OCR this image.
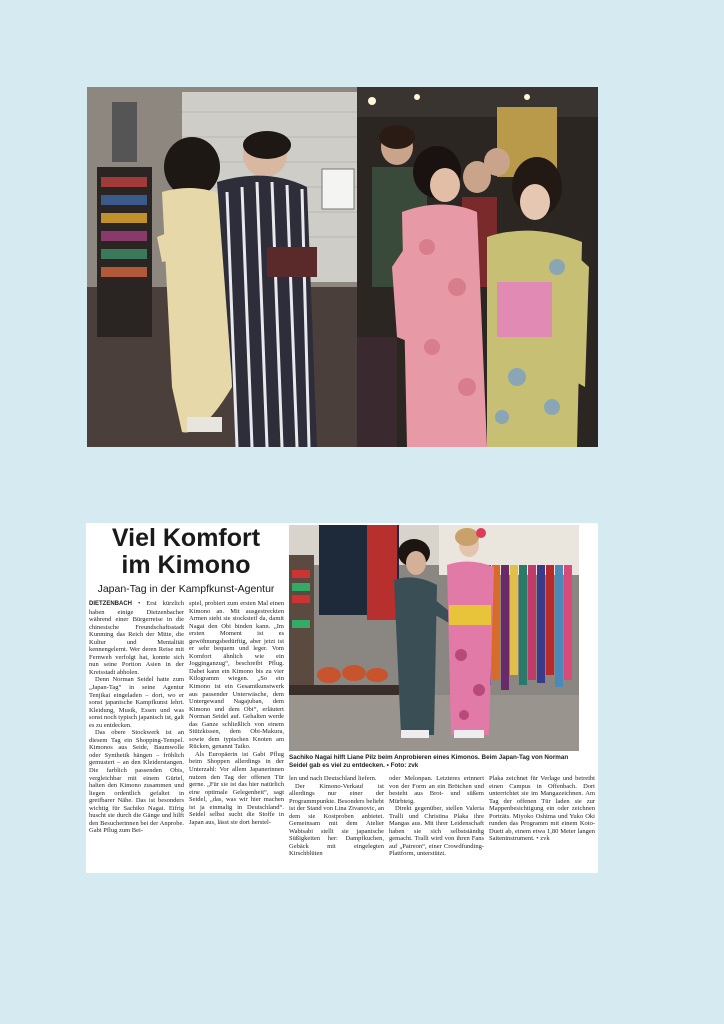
Viel Komfort
im Kimono
Japan-Tag in der Kampfkunst-Agentur

DIETZENBACH • Erst kürzlich haben einige Dietzenbacher während einer Bürgerreise in die chinesische Freundschaftsstadt Kunming das Reich der Mitte, die Kultur und Mentalität kennengelernt. Wer deren Reise mit Fernweh verfolgt hat, konnte sich nun seine Portion Asien in der Kreisstadt abholen.

Denn Norman Seidel hatte zum „Japan-Tag“ in seine Agentur Tenjikai eingeladen – dort, wo er sonst japanische Kampfkunst lehrt. Kleidung, Musik, Essen und was sonst noch typisch japanisch ist, galt es zu entdecken.

Das obere Stockwerk ist an diesem Tag ein Shopping-Tempel. Kimonos aus Seide, Baumwolle oder Synthetik hängen – fröhlich gemustert – an den Kleiderstangen. Die farblich passenden Obis, vergleichbar mit einem Gürtel, halten den Kimono zusammen und liegen ordentlich gefaltet in greifbarer Nähe. Das ist besonders wichtig für Sachiko Nagai. Eifrig huscht sie durch die Gänge und hilft den Besucherinnen bei der Anprobe. Gabi Pflug zum Bei-

spiel, probiert zum ersten Mal einen Kimono an. Mit ausgestreckten Armen steht sie stocksteif da, damit Nagai den Obi binden kann. „Im ersten Moment ist es gewöhnungsbedürftig, aber jetzt ist er sehr bequem und leger. Vom Komfort ähnlich wie ein Jogginganzug“, beschreibt Pflug. Dabei kann ein Kimono bis zu vier Kilogramm wiegen. „So ein Kimono ist ein Gesamtkunstwerk aus passender Unterwäsche, dem Untergewand Nagajuban, dem Kimono und dem Obi“, erläutert Norman Seidel auf. Gehalten werde das Ganze schließlich von einem Stützkissen, dem Obi-Makura, sowie dem typischen Knoten am Rücken, genannt Taiko.

Als Europäerin ist Gabi Pflug beim Shoppen allerdings in der Unterzahl: Vor allem Japanerinnen nutzen den Tag der offenen Tür gerne. „Für sie ist das hier natürlich eine optimale Gelegenheit“, sagt Seidel, „das, was wir hier machen ist ja einmalig in Deutschland“. Seidel selbst sucht die Stoffe in Japan aus, lässt sie dort herstel-

Sachiko Nagai hilft Liane Pilz beim Anprobieren eines Kimonos. Beim Japan-Tag von Norman Seidel gab es viel zu entdecken. • Foto: zvk

len und nach Deutschland liefern.

Der Kimono-Verkauf ist allerdings nur einer der Programmpunkte. Besonders beliebt ist der Stand von Lina Zivanovic, an dem sie Kostproben anbietet. Gemeinsam mit dem Atelier Wabisabi stellt sie japanische Süßigkeiten her: Dampfkuchen, Gebäck mit eingelegten Kirschblüten

oder Melonpan. Letzteres erinnert von der Form an ein Brötchen und besteht aus Brot- und süßem Mürbteig.

Direkt gegenüber, stellen Valeria Tralli und Christina Plaka ihre Mangas aus. Mit ihrer Leidenschaft haben sie sich selbstständig gemacht. Tralli wird von ihren Fans auf „Patreon“, einer Crowdfunding-Plattform, unterstützt.

Plaka zeichnet für Verlage und betreibt einen Campus in Offenbach. Dort unterrichtet sie im Mangazeichnen. Am Tag der offenen Tür laden sie zur Mappenbesichtigung ein oder zeichnen Porträts. Miyoko Oshima und Yuko Oki runden das Programm mit einem Koto-Duett ab, einem etwa 1,80 Meter langen Saiteninstrument. • zvk
